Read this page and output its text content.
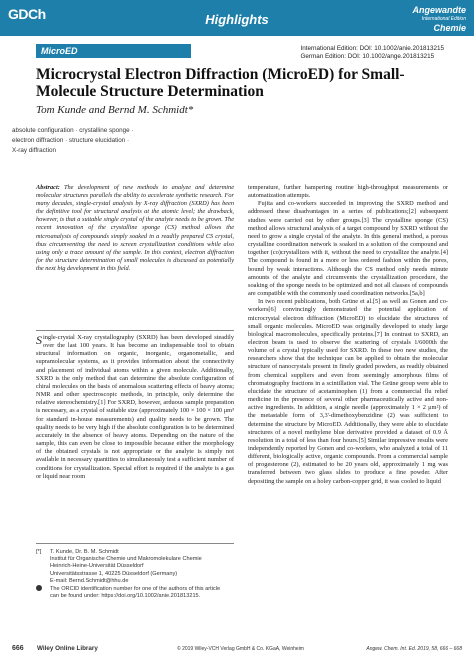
GDCh	Highlights
Angewandte
International Edition
Chemie
MicroED	International Edition: DOI: 10.1002/anie.201813215
German Edition: DOI: 10.1002/ange.201813215
Microcrystal Electron Diffraction (MicroED) for Small-Molecule Structure Determination
Tom Kunde and Bernd M. Schmidt*
absolute configuration · crystalline sponge ·
electron diffraction · structure elucidation ·
X-ray diffraction
Abstract: The development of new methods to analyze and determine molecular structures parallels the ability to accelerate synthetic research. For many decades, single-crystal analysis by X-ray diffraction (SXRD) has been the definitive tool for structural analysis at the atomic level; the drawback, however, is that a suitable single crystal of the analyte needs to be grown. The recent innovation of the crystalline sponge (CS) method allows the microanalysis of compounds simply soaked in a readily prepared CS crystal, thus circumventing the need to screen crystallization conditions while also using only a trace amount of the sample. In this context, electron diffraction for the structure determination of small molecules is discussed as potentially the next big development in this field.
Single-crystal X-ray crystallography (SXRD) has been developed steadily over the last 100 years. It has become an indispensable tool to obtain structural information on organic, inorganic, organometallic, and supramolecular systems, as it provides information about the connectivity and placement of individual atoms within a given molecule. Additionally, SXRD is the only method that can determine the absolute configuration of chiral molecules on the basis of anomalous scattering effects of heavy atoms; NMR and other spectroscopic methods, in principle, only determine the relative stereochemistry.[1] For SXRD, however, arduous sample preparation is necessary, as a crystal of suitable size (approximately 100 × 100 × 100 μm³ for standard in-house measurements) and quality needs to be grown. The quality needs to be very high if the absolute configuration is to be determined accurately in the absence of heavy atoms. Depending on the nature of the sample, this can even be close to impossible because either the morphology of the obtained crystals is not appropriate or the analyte is simply not available in necessary quantities to simultaneously test a sufficient number of conditions for crystallization. Special effort is required if the analyte is a gas or liquid near room

temperature, further hampering routine high-throughput measurements or automatization attempts.

Fujita and co-workers succeeded in improving the SXRD method and addressed these disadvantages in a series of publications;[2] subsequent studies were carried out by other groups.[3] The crystalline sponge (CS) method allows structural analysis of a target compound by SXRD without the need to grow a single crystal of the analyte. In this general method, a porous crystalline coordination network is soaked in a solution of the compound and together (co)crystallizes with it, without the need to crystallize the analyte.[4] The compound is found in a more or less ordered fashion within the pores, bound by weak interactions. Although the CS method only needs minute amounts of the analyte and circumvents the crystallization procedure, the soaking of the sponge needs to be optimized and not all classes of compounds are compatible with the commonly used coordination networks.[5a,b]

In two recent publications, both Grüne et al.[5] as well as Gonen and co-workers[6] convincingly demonstrated the potential application of microcrystal electron diffraction (MicroED) to elucidate the structures of small organic molecules. MicroED was originally developed to study large biological macromolecules, specifically proteins.[7] In contrast to SXRD, an electron beam is used to observe the scattering of crystals 1/6000th the volume of a crystal typically used for SXRD. In these two new studies, the researchers show that the technique can be applied to obtain the molecular structure of nanocrystals present in finely graded powders, as readily obtained from chemical suppliers and even from seemingly amorphous films of chromatography fractions in a scintillation vial. The Grüne group were able to elucidate the structure of acetaminophen (1) from a commercial flu relief medicine in the presence of several other pharmaceutically active and non-active ingredients. In addition, a single needle (approximately 1 × 2 μm²) of the metastable form of 3,3'-dimethoxybenzidine (2) was sufficient to determine the structure by MicroED. Additionally, they were able to elucidate structures of a novel methylene blue derivative provided a dataset of 0.9 Å resolution in a total of less than four hours.[5] Similar impressive results were independently reported by Gonen and co-workers, who analyzed a total of 11 different, biologically active, organic compounds. From a commercial sample of progesterone (2), estimated to be 20 years old, approximately 1 mg was transferred between two glass slides to produce a fine powder. After depositing the sample on a holey carbon-copper grid, it was cooled to liquid

[*] T. Kunde, Dr. B. M. Schmidt
Institut für Organische Chemie und Makromolekulare Chemie
Heinrich-Heine-Universität Düsseldorf
Universitätsstrasse 1, 40225 Düsseldorf (Germany)
E-mail: Bernd.Schmidt@hhu.de
The ORCID identification number for one of the authors of this article
can be found under: https://doi.org/10.1002/anie.201813215.
666 Wiley Online Library	© 2019 Wiley-VCH Verlag GmbH & Co. KGaA, Weinheim	Angew. Chem. Int. Ed. 2019, 58, 666 – 668
